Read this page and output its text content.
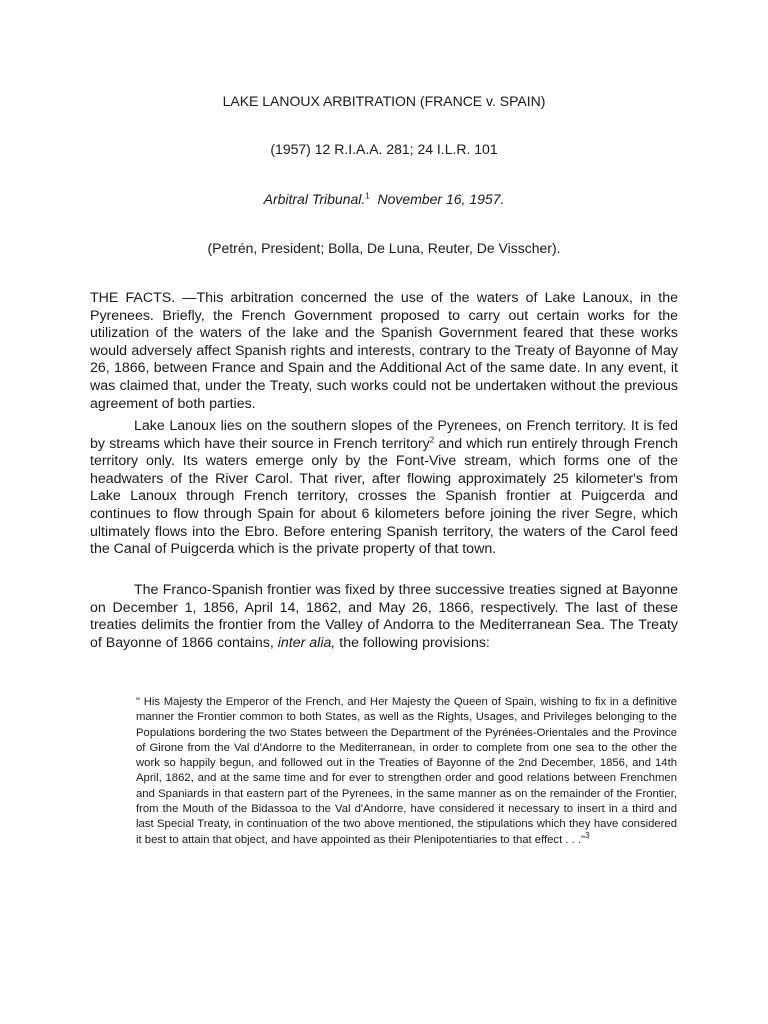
LAKE LANOUX ARBITRATION (FRANCE v. SPAIN)

(1957) 12 R.I.A.A. 281; 24 I.L.R. 101

Arbitral Tribunal.$^1$ November 16, 1957.

(Petrén, President; Bolla, De Luna, Reuter, De Visscher).

THE FACTS. —This arbitration concerned the use of the waters of Lake Lanoux, in the Pyrenees. Briefly, the French Government proposed to carry out certain works for the utilization of the waters of the lake and the Spanish Government feared that these works would adversely affect Spanish rights and interests, contrary to the Treaty of Bayonne of May 26, 1866, between France and Spain and the Additional Act of the same date. In any event, it was claimed that, under the Treaty, such works could not be undertaken without the previous agreement of both parties.

Lake Lanoux lies on the southern slopes of the Pyrenees, on French territory. It is fed by streams which have their source in French territory$^2$ and which run entirely through French territory only. Its waters emerge only by the Font-Vive stream, which forms one of the headwaters of the River Carol. That river, after flowing approximately 25 kilometer's from Lake Lanoux through French territory, crosses the Spanish frontier at Puigcerda and continues to flow through Spain for about 6 kilometers before joining the river Segre, which ultimately flows into the Ebro. Before entering Spanish territory, the waters of the Carol feed the Canal of Puigcerda which is the private property of that town.

The Franco-Spanish frontier was fixed by three successive treaties signed at Bayonne on December 1, 1856, April 14, 1862, and May 26, 1866, respectively. The last of these treaties delimits the frontier from the Valley of Andorra to the Mediterranean Sea. The Treaty of Bayonne of 1866 contains, inter alia, the following provisions:

" His Majesty the Emperor of the French, and Her Majesty the Queen of Spain, wishing to fix in a definitive manner the Frontier common to both States, as well as the Rights, Usages, and Privileges belonging to the Populations bordering the two States between the Department of the Pyrénées-Orientales and the Province of Girone from the Val d'Andorre to the Mediterranean, in order to complete from one sea to the other the work so happily begun, and followed out in the Treaties of Bayonne of the 2nd December, 1856, and 14th April, 1862, and at the same time and for ever to strengthen order and good relations between Frenchmen and Spaniards in that eastern part of the Pyrenees, in the same manner as on the remainder of the Frontier, from the Mouth of the Bidassoa to the Val d'Andorre, have considered it necessary to insert in a third and last Special Treaty, in continuation of the two above mentioned, the stipulations which they have considered it best to attain that object, and have appointed as their Plenipotentiaries to that effect . . ."$^3$
